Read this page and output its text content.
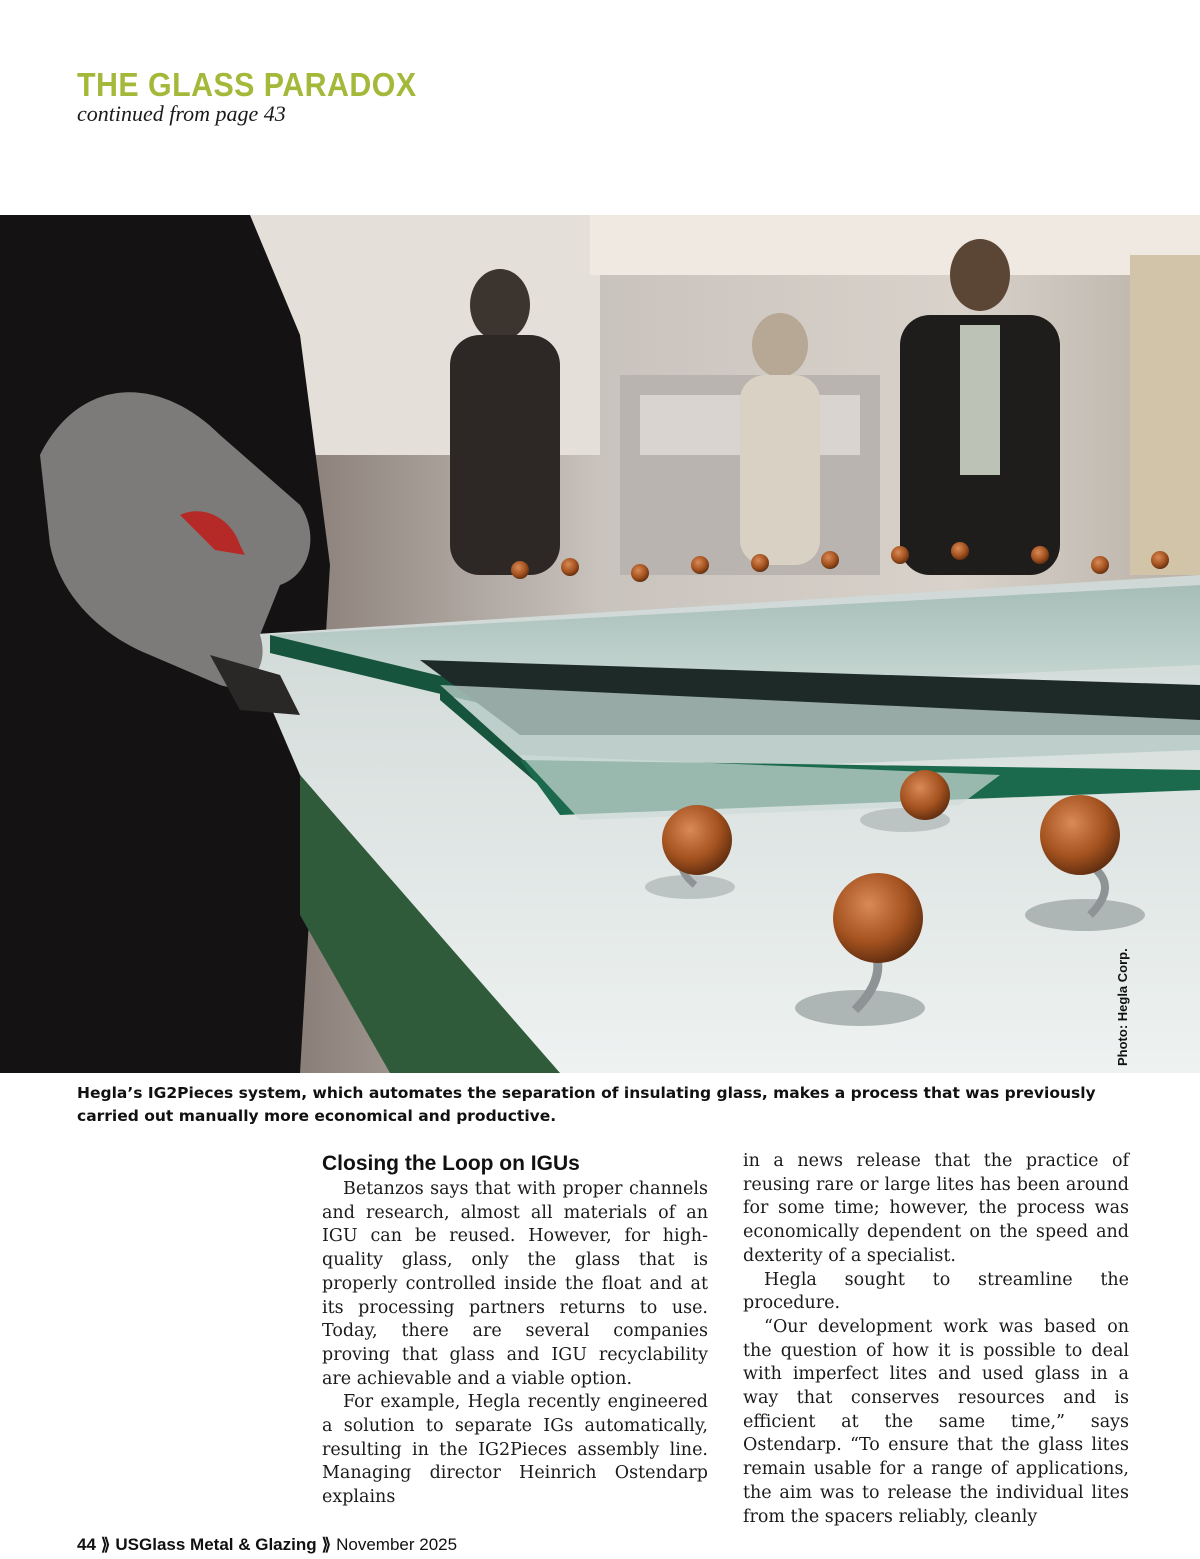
THE GLASS PARADOX
continued from page 43
Photo: Hegla Corp.
Hegla’s IG2Pieces system, which automates the separation of insulating glass, makes a process that was previously carried out manually more economical and productive.
Closing the Loop on IGUs

Betanzos says that with proper channels and research, almost all materials of an IGU can be reused. However, for high-quality glass, only the glass that is properly controlled inside the float and at its processing partners returns to use. Today, there are several companies proving that glass and IGU recyclability are achievable and a viable option.

For example, Hegla recently engineered a solution to separate IGs automatically, resulting in the IG2Pieces assembly line. Managing director Heinrich Ostendarp explains

in a news release that the practice of reusing rare or large lites has been around for some time; however, the process was economically dependent on the speed and dexterity of a specialist.

Hegla sought to streamline the procedure.

“Our development work was based on the question of how it is possible to deal with imperfect lites and used glass in a way that conserves resources and is efficient at the same time,” says Ostendarp. “To ensure that the glass lites remain usable for a range of applications, the aim was to release the individual lites from the spacers reliably, cleanly

44 ⟫ USGlass Metal & Glazing ⟫ November 2025
